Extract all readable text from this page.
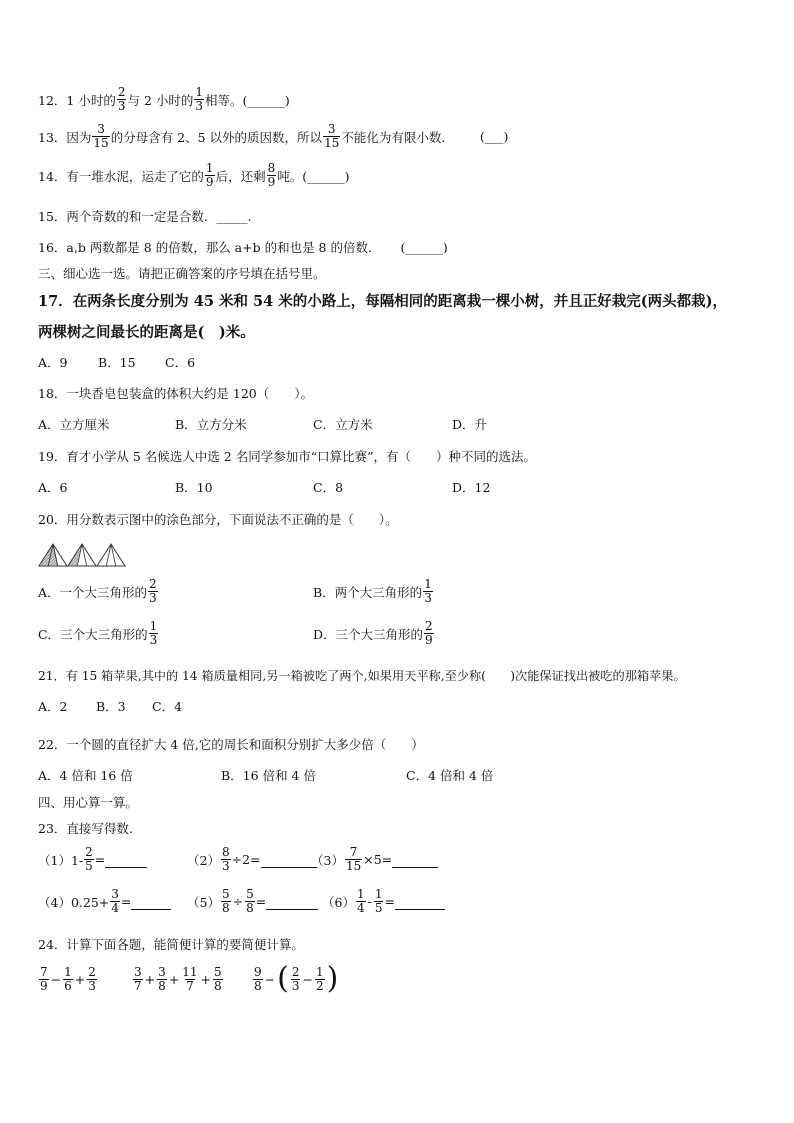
12． 1 小时的 $\frac{2}{3}$ 与 2 小时的 $\frac{1}{3}$ 相等。(______)
13． 因为 $\frac{3}{15}$ 的分母含有 2、5 以外的质因数，所以 $\frac{3}{15}$ 不能化为有限小数． (___)
14． 有一堆水泥，运走了它的 $\frac{1}{9}$ 后，还剩 $\frac{8}{9}$ 吨。(______)
15． 两个奇数的和一定是合数．_____.
16． a,b 两数都是 8 的倍数，那么 a+b 的和也是 8 的倍数． (______)
三、细心选一选。请把正确答案的序号填在括号里。
17． 在两条长度分别为 45 米和 54 米的小路上，每隔相同的距离栽一棵小树，并且正好栽完(两头都栽)，
两棵树之间最长的距离是(　)米。
A．9 B．15 C．6
18． 一块香皂包装盒的体积大约是 120（　　）。
A．立方厘米	B．立方分米	C．立方米	D．升
19． 育才小学从 5 名候选人中选 2 名同学参加市“口算比赛”，有（　　）种不同的选法。
A．6	B．10	C．8	D．12
20． 用分数表示图中的涂色部分，下面说法不正确的是（　　）。
A．一个大三角形的 $\frac{2}{3}$	B．两个大三角形的 $\frac{1}{3}$
C．三个大三角形的 $\frac{1}{3}$	D．三个大三角形的 $\frac{2}{9}$
21． 有 15 箱苹果,其中的 14 箱质量相同,另一箱被吃了两个,如果用天平称,至少称(　　)次能保证找出被吃的那箱苹果。
A．2 B．3 C．4
22． 一个圆的直径扩大 4 倍,它的周长和面积分别扩大多少倍（　　）
A．4 倍和 16 倍	B．16 倍和 4 倍	C．4 倍和 4 倍
四、用心算一算。
23． 直接写得数.
$(1)1- \frac{2}{5}$ =
	$(2) \frac{8}{3} \div 2=$
	$(3) \frac{7}{15} \times 5=$

$(4)0.25+ \frac{3}{4}$ =
	$(5) \frac{5}{8} \div \frac{5}{8}$ =
	$(6) \frac{1}{4} - \frac{1}{5}$ =

24． 计算下面各题，能简便计算的要简便计算。
$\frac{7}{9} - \frac{1}{6} + \frac{2}{3}$	$\frac{3}{7} + \frac{3}{8} + \frac{11}{7} + \frac{5}{8}$	$\frac{9}{8}$ − ( $\frac{2}{3} - \frac{1}{2}$ )
